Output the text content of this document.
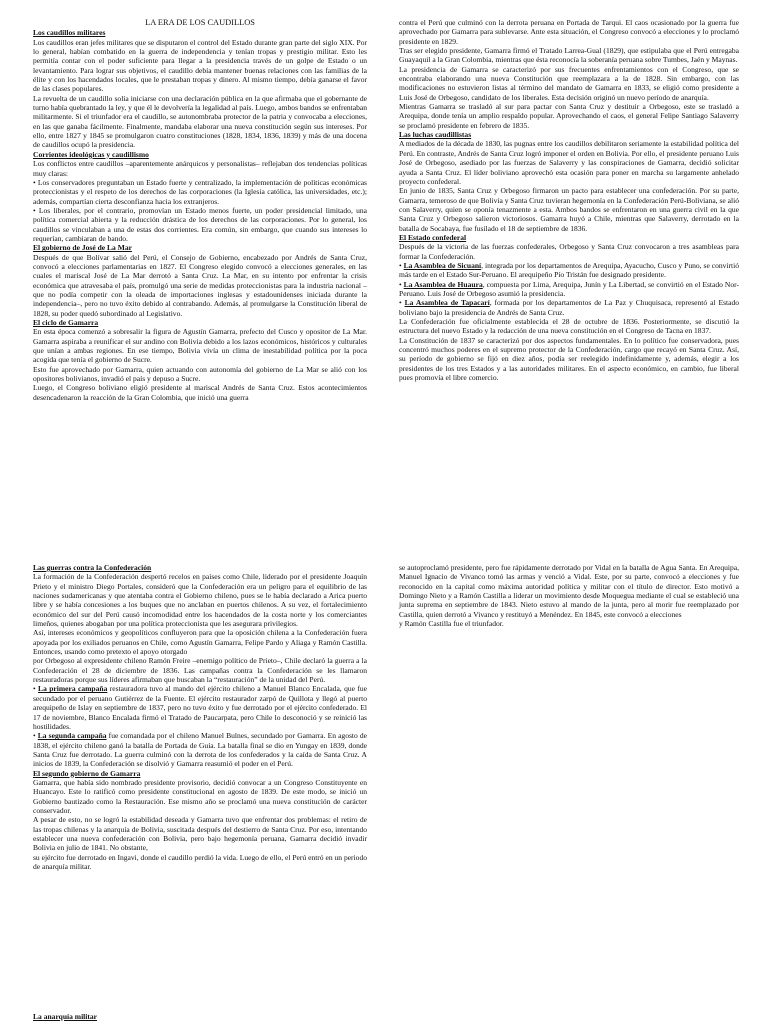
LA ERA DE LOS CAUDILLOS

Los caudillos militares

Los caudillos eran jefes militares que se disputaron el control del Estado durante gran parte del siglo XIX. Por lo general, habían combatido en la guerra de independencia y tenían tropas y prestigio militar. Esto les permitía contar con el poder suficiente para llegar a la presidencia través de un golpe de Estado o un levantamiento. Para lograr sus objetivos, el caudillo debía mantener buenas relaciones con las familias de la élite y con los hacendados locales, que le prestaban tropas y dinero. Al mismo tiempo, debía ganarse el favor de las clases populares.

La revuelta de un caudillo solía iniciarse con una declaración pública en la que afirmaba que el gobernante de turno había quebrantado la ley, y que él le devolvería la legalidad al país. Luego, ambos bandos se enfrentaban militarmente. Si el triunfador era el caudillo, se autonombraba protector de la patria y convocaba a elecciones, en las que ganaba fácilmente. Finalmente, mandaba elaborar una nueva constitución según sus intereses. Por ello, entre 1827 y 1845 se promulgaron cuatro constituciones (1828, 1834, 1836, 1839) y más de una docena de caudillos ocupó la presidencia.

Corrientes ideológicas y caudillismo

Los conflictos entre caudillos –aparentemente anárquicos y personalistas– reflejaban dos tendencias políticas muy claras:

• Los conservadores preguntaban un Estado fuerte y centralizado, la implementación de políticas económicas proteccionistas y el respeto de los derechos de las corporaciones (la Iglesia católica, las universidades, etc.); además, compartían cierta desconfianza hacia los extranjeros.

• Los liberales, por el contrario, promovían un Estado menos fuerte, un poder presidencial limitado, una política comercial abierta y la reducción drástica de los derechos de las corporaciones. Por lo general, los caudillos se vinculaban a una de estas dos corrientes. Era común, sin embargo, que cuando sus intereses lo requerían, cambiaran de bando.

El gobierno de José de La Mar

Después de que Bolívar salió del Perú, el Consejo de Gobierno, encabezado por Andrés de Santa Cruz, convocó a elecciones parlamentarias en 1827. El Congreso elegido convocó a elecciones generales, en las cuales el mariscal José de La Mar derrotó a Santa Cruz. La Mar, en su intento por enfrentar la crisis económica que atravesaba el país, promulgó una serie de medidas proteccionistas para la industria nacional –que no podía competir con la oleada de importaciones inglesas y estadounidenses iniciada durante la independencia–, pero no tuvo éxito debido al contrabando. Además, al promulgarse la Constitución liberal de 1828, su poder quedó subordinado al Legislativo.

El ciclo de Gamarra

En esta época comenzó a sobresalir la figura de Agustín Gamarra, prefecto del Cusco y opositor de La Mar. Gamarra aspiraba a reunificar el sur andino con Bolivia debido a los lazos económicos, históricos y culturales que unían a ambas regiones. En ese tiempo, Bolivia vivía un clima de inestabilidad política por la poca acogida que tenía el gobierno de Sucre.

Esto fue aprovechado por Gamarra, quien actuando con autonomía del gobierno de La Mar se alió con los opositores bolivianos, invadió el país y depuso a Sucre.

Luego, el Congreso boliviano eligió presidente al mariscal Andrés de Santa Cruz. Estos acontecimientos desencadenaron la reacción de la Gran Colombia, que inició una guerra

contra el Perú que culminó con la derrota peruana en Portada de Tarqui. El caos ocasionado por la guerra fue aprovechado por Gamarra para sublevarse. Ante esta situación, el Congreso convocó a elecciones y lo proclamó presidente en 1829.

Tras ser elegido presidente, Gamarra firmó el Tratado Larrea-Gual (1829), que estipulaba que el Perú entregaba Guayaquil a la Gran Colombia, mientras que ésta reconocía la soberanía peruana sobre Tumbes, Jaén y Maynas.

La presidencia de Gamarra se caracterizó por sus frecuentes enfrentamientos con el Congreso, que se encontraba elaborando una nueva Constitución que reemplazara a la de 1828. Sin embargo, con las modificaciones no estuvieron listas al término del mandato de Gamarra en 1833, se eligió como presidente a Luis José de Orbegoso, candidato de los liberales. Esta decisión originó un nuevo período de anarquía.

Mientras Gamarra se trasladó al sur para pactar con Santa Cruz y destituir a Orbegoso, este se trasladó a Arequipa, donde tenía un amplio respaldo popular. Aprovechando el caos, el general Felipe Santiago Salaverry se proclamó presidente en febrero de 1835.

Las luchas caudillistas

A mediados de la década de 1830, las pugnas entre los caudillos debilitaron seriamente la estabilidad política del Perú. En contraste, Andrés de Santa Cruz logró imponer el orden en Bolivia. Por ello, el presidente peruano Luis José de Orbegoso, asediado por las fuerzas de Salaverry y las conspiraciones de Gamarra, decidió solicitar ayuda a Santa Cruz. El líder boliviano aprovechó esta ocasión para poner en marcha su largamente anhelado proyecto confederal.

En junio de 1835, Santa Cruz y Orbegoso firmaron un pacto para establecer una confederación. Por su parte, Gamarra, temeroso de que Bolivia y Santa Cruz tuvieran hegemonía en la Confederación Perú-Boliviana, se alió con Salaverry, quien se oponía tenazmente a esta. Ambos bandos se enfrentaron en una guerra civil en la que Santa Cruz y Orbegoso salieron victoriosos. Gamarra huyó a Chile, mientras que Salaverry, derrotado en la batalla de Socabaya, fue fusilado el 18 de septiembre de 1836.

El Estado confederal

Después de la victoria de las fuerzas confederales, Orbegoso y Santa Cruz convocaron a tres asambleas para formar la Confederación.

• La Asamblea de Sicuaní, integrada por los departamentos de Arequipa, Ayacucho, Cusco y Puno, se convirtió más tarde en el Estado Sur-Peruano. El arequipeño Pío Tristán fue designado presidente.

• La Asamblea de Huaura, compuesta por Lima, Arequipa, Junín y La Libertad, se convirtió en el Estado Nor-Peruano. Luis José de Orbegoso asumió la presidencia.

• La Asamblea de Tapacarí, formada por los departamentos de La Paz y Chuquisaca, representó al Estado boliviano bajo la presidencia de Andrés de Santa Cruz.

La Confederación fue oficialmente establecida el 28 de octubre de 1836. Posteriormente, se discutió la estructura del nuevo Estado y la redacción de una nueva constitución en el Congreso de Tacna en 1837.

La Constitución de 1837 se caracterizó por dos aspectos fundamentales. En lo político fue conservadora, pues concentró muchos poderes en el supremo protector de la Confederación, cargo que recayó en Santa Cruz. Así, su período de gobierno se fijó en diez años, podía ser reelegido indefinidamente y, además, elegir a los presidentes de los tres Estados y a las autoridades militares. En el aspecto económico, en cambio, fue liberal pues promovía el libre comercio.

Las guerras contra la Confederación

La formación de la Confederación despertó recelos en países como Chile, liderado por el presidente Joaquín Prieto y el ministro Diego Portales, consideró que la Confederación era un peligro para el equilibrio de las naciones sudamericanas y que atentaba contra el Gobierno chileno, pues se le había declarado a Arica puerto libre y se había concesiones a los buques que no anclaban en puertos chilenos. A su vez, el fortalecimiento económico del sur del Perú causó incomodidad entre los hacendados de la costa norte y los comerciantes limeños, quienes abogaban por una política proteccionista que les asegurara privilegios.

Así, intereses económicos y geopolíticos confluyeron para que la oposición chilena a la Confederación fuera apoyada por los exiliados peruanos en Chile, como Agustín Gamarra, Felipe Pardo y Aliaga y Ramón Castilla. Entonces, usando como pretexto el apoyo otorgado

por Orbegoso al expresidente chileno Ramón Freire –enemigo político de Prieto–, Chile declaró la guerra a la Confederación el 28 de diciembre de 1836. Las campañas contra la Confederación se les llamaron restauradoras porque sus líderes afirmaban que buscaban la “restauración” de la unidad del Perú.

• La primera campaña restauradora tuvo al mando del ejército chileno a Manuel Blanco Encalada, que fue secundado por el peruano Gutiérrez de la Fuente. El ejército restaurador zarpó de Quillota y llegó al puerto arequipeño de Islay en septiembre de 1837, pero no tuvo éxito y fue derrotado por el ejército confederado. El 17 de noviembre, Blanco Encalada firmó el Tratado de Paucarpata, pero Chile lo desconoció y se reinició las hostilidades.

• La segunda campaña fue comandada por el chileno Manuel Bulnes, secundado por Gamarra. En agosto de 1838, el ejército chileno ganó la batalla de Portada de Guía. La batalla final se dio en Yungay en 1839, donde Santa Cruz fue derrotado. La guerra culminó con la derrota de los confederados y la caída de Santa Cruz. A inicios de 1839, la Confederación se disolvió y Gamarra reasumió el poder en el Perú.

El segundo gobierno de Gamarra

Gamarra, que había sido nombrado presidente provisorio, decidió convocar a un Congreso Constituyente en Huancayo. Este lo ratificó como presidente constitucional en agosto de 1839. De este modo, se inició un Gobierno bautizado como la Restauración. Ese mismo año se proclamó una nueva constitución de carácter conservador.

A pesar de esto, no se logró la estabilidad deseada y Gamarra tuvo que enfrentar dos problemas: el retiro de las tropas chilenas y la anarquía de Bolivia, suscitada después del destierro de Santa Cruz. Por eso, intentando establecer una nueva confederación con Bolivia, pero bajo hegemonía peruana, Gamarra decidió invadir Bolivia en julio de 1841. No obstante,

su ejército fue derrotado en Ingavi, donde el caudillo perdió la vida. Luego de ello, el Perú entró en un periodo de anarquía militar.

se autoproclamó presidente, pero fue rápidamente derrotado por Vidal en la batalla de Agua Santa. En Arequipa, Manuel Ignacio de Vivanco tomó las armas y venció a Vidal. Este, por su parte, convocó a elecciones y fue reconocido en la capital como máxima autoridad política y militar con el título de director. Esto motivó a Domingo Nieto y a Ramón Castilla a liderar un movimiento desde Moquegua mediante el cual se estableció una junta suprema en septiembre de 1843. Nieto estuvo al mando de la junta, pero al morir fue reemplazado por Castilla, quien derrotó a Vivanco y restituyó a Menéndez. En 1845, este convocó a elecciones

y Ramón Castilla fue el triunfador.

La anarquía militar
